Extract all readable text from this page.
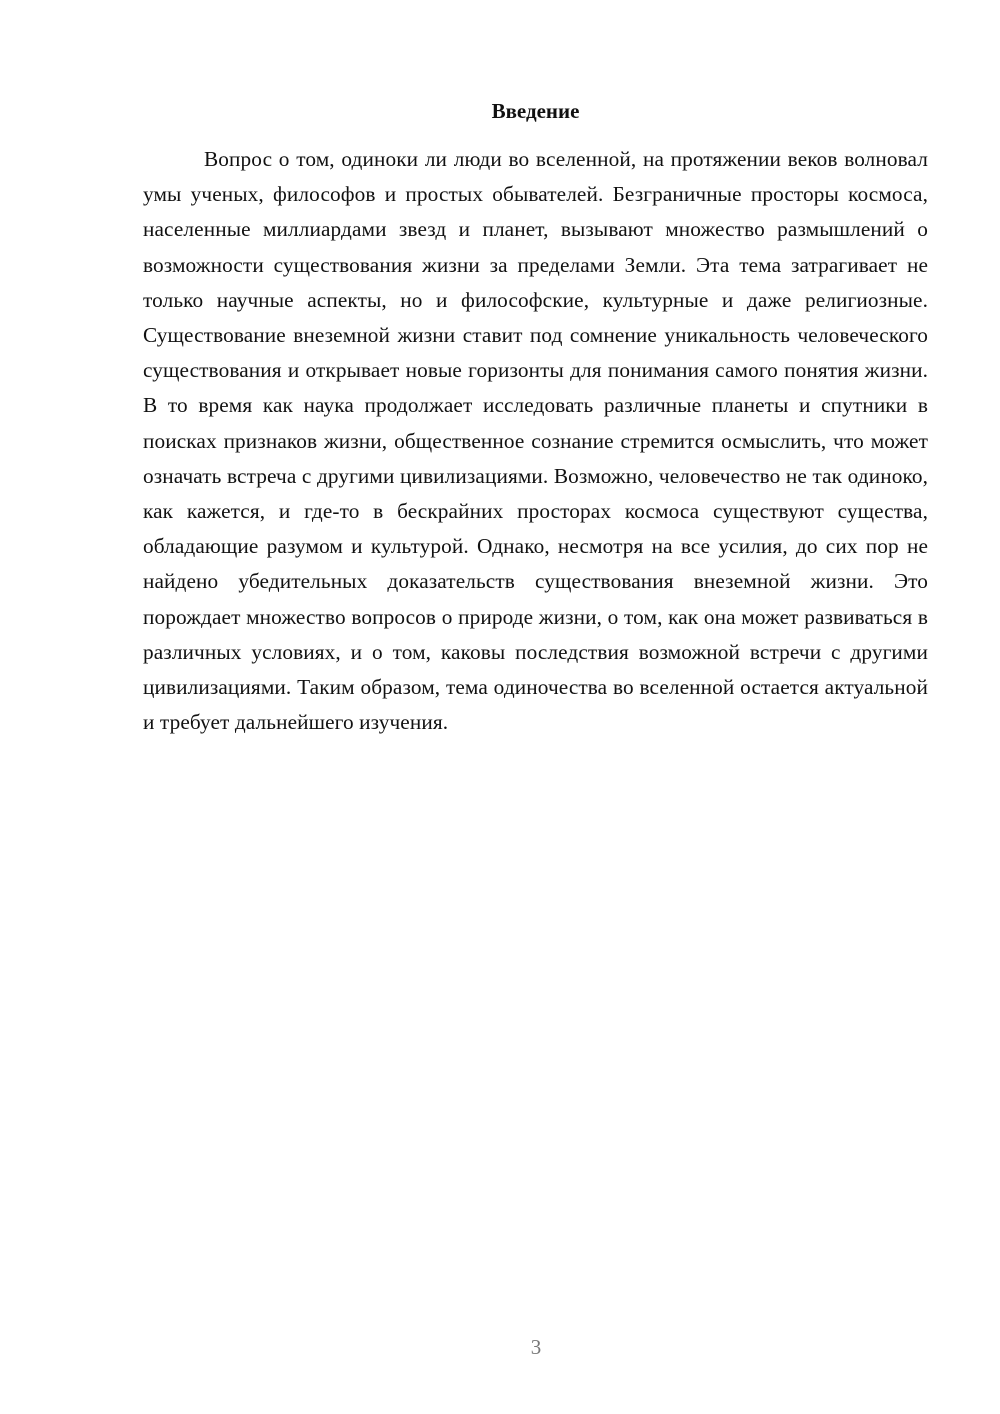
Введение

Вопрос о том, одиноки ли люди во вселенной, на протяжении веков волновал умы ученых, философов и простых обывателей. Безграничные просторы космоса, населенные миллиардами звезд и планет, вызывают множество размышлений о возможности существования жизни за пределами Земли. Эта тема затрагивает не только научные аспекты, но и философские, культурные и даже религиозные. Существование внеземной жизни ставит под сомнение уникальность человеческого существования и открывает новые горизонты для понимания самого понятия жизни. В то время как наука продолжает исследовать различные планеты и спутники в поисках признаков жизни, общественное сознание стремится осмыслить, что может означать встреча с другими цивилизациями. Возможно, человечество не так одиноко, как кажется, и где-то в бескрайних просторах космоса существуют существа, обладающие разумом и культурой. Однако, несмотря на все усилия, до сих пор не найдено убедительных доказательств существования внеземной жизни. Это порождает множество вопросов о природе жизни, о том, как она может развиваться в различных условиях, и о том, каковы последствия возможной встречи с другими цивилизациями. Таким образом, тема одиночества во вселенной остается актуальной и требует дальнейшего изучения.

3
